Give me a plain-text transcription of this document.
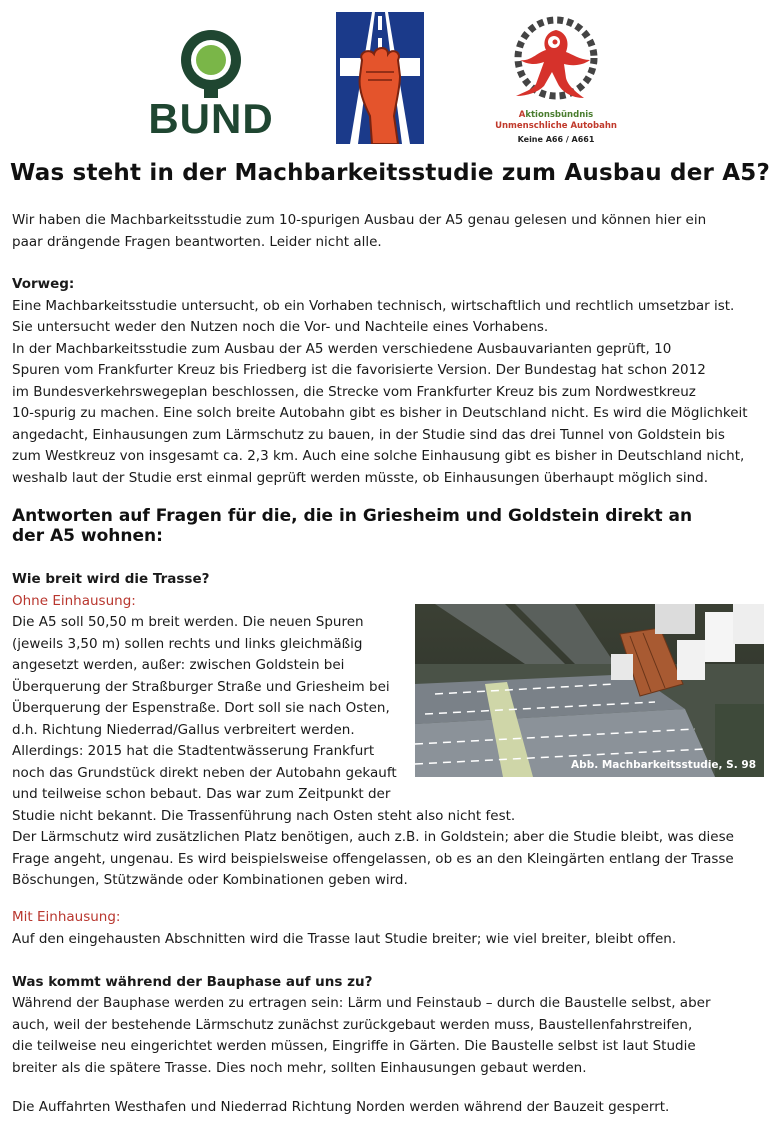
BUND	Aktionsbündnis
Unmenschliche Autobahn
Keine A66 / A661
Was steht in der Machbarkeitsstudie zum Ausbau der A5?
Wir haben die Machbarkeitsstudie zum 10-spurigen Ausbau der A5 genau gelesen und können hier ein
paar drängende Fragen beantworten. Leider nicht alle.
Vorweg:
Eine Machbarkeitsstudie untersucht, ob ein Vorhaben technisch, wirtschaftlich und rechtlich umsetzbar ist.
Sie untersucht weder den Nutzen noch die Vor- und Nachteile eines Vorhabens.
In der Machbarkeitsstudie zum Ausbau der A5 werden verschiedene Ausbauvarianten geprüft, 10
Spuren vom Frankfurter Kreuz bis Friedberg ist die favorisierte Version. Der Bundestag hat schon 2012
im Bundesverkehrswegeplan beschlossen, die Strecke vom Frankfurter Kreuz bis zum Nordwestkreuz
10-spurig zu machen. Eine solch breite Autobahn gibt es bisher in Deutschland nicht. Es wird die Möglichkeit
angedacht, Einhausungen zum Lärmschutz zu bauen, in der Studie sind das drei Tunnel von Goldstein bis
zum Westkreuz von insgesamt ca. 2,3 km. Auch eine solche Einhausung gibt es bisher in Deutschland nicht,
weshalb laut der Studie erst einmal geprüft werden müsste, ob Einhausungen überhaupt möglich sind.
Antworten auf Fragen für die, die in Griesheim und Goldstein direkt an der A5 wohnen:
Wie breit wird die Trasse?
Ohne Einhausung:
Die A5 soll 50,50 m breit werden. Die neuen Spuren
(jeweils 3,50 m) sollen rechts und links gleichmäßig
angesetzt werden, außer: zwischen Goldstein bei
Überquerung der Straßburger Straße und Griesheim bei
Überquerung der Espenstraße. Dort soll sie nach Osten,
d.h. Richtung Niederrad/Gallus verbreitert werden.
Allerdings: 2015 hat die Stadtentwässerung Frankfurt
noch das Grundstück direkt neben der Autobahn gekauft
und teilweise schon bebaut. Das war zum Zeitpunkt der
Studie nicht bekannt. Die Trassenführung nach Osten steht also nicht fest.
Der Lärmschutz wird zusätzlichen Platz benötigen, auch z.B. in Goldstein; aber die Studie bleibt, was diese
Frage angeht, ungenau. Es wird beispielsweise offengelassen, ob es an den Kleingärten entlang der Trasse
Böschungen, Stützwände oder Kombinationen geben wird.
Abb. Machbarkeitsstudie, S. 98
Mit Einhausung:
Auf den eingehausten Abschnitten wird die Trasse laut Studie breiter; wie viel breiter, bleibt offen.
Was kommt während der Bauphase auf uns zu?
Während der Bauphase werden zu ertragen sein: Lärm und Feinstaub – durch die Baustelle selbst, aber
auch, weil der bestehende Lärmschutz zunächst zurückgebaut werden muss, Baustellenfahrstreifen,
die teilweise neu eingerichtet werden müssen, Eingriffe in Gärten. Die Baustelle selbst ist laut Studie
breiter als die spätere Trasse. Dies noch mehr, sollten Einhausungen gebaut werden.
Die Auffahrten Westhafen und Niederrad Richtung Norden werden während der Bauzeit gesperrt.
